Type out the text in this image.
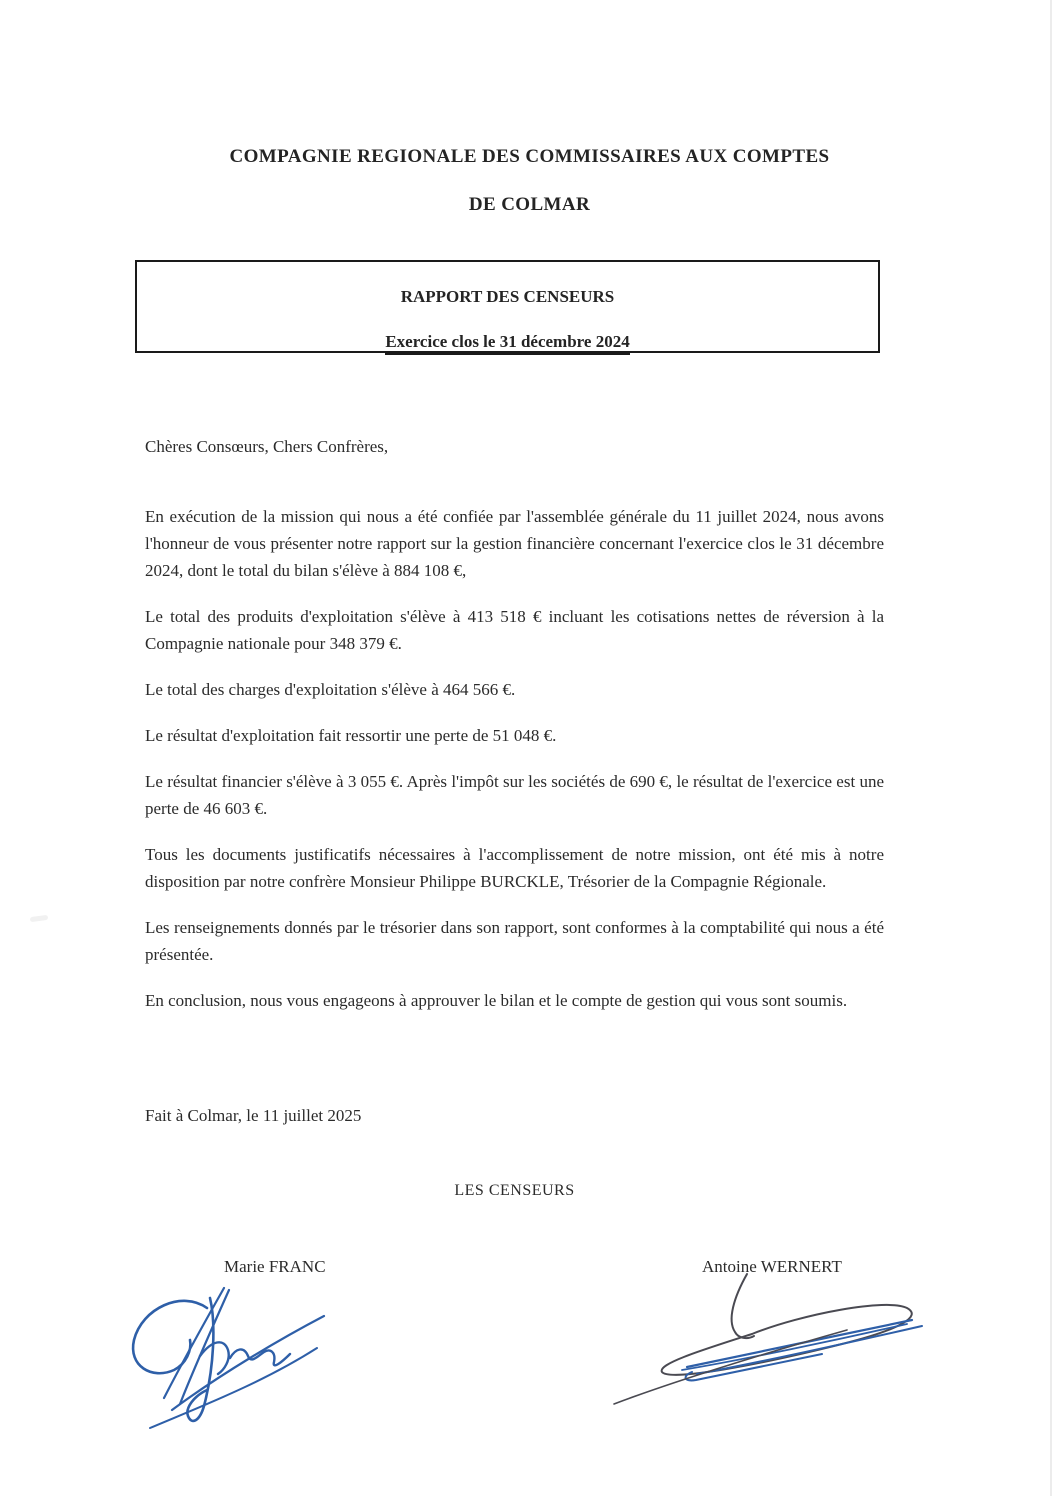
COMPAGNIE REGIONALE DES COMMISSAIRES AUX COMPTES
DE COLMAR
RAPPORT DES CENSEURS

Exercice clos le 31 décembre 2024
Chères Consœurs, Chers Confrères,

En exécution de la mission qui nous a été confiée par l'assemblée générale du 11 juillet 2024, nous avons l'honneur de vous présenter notre rapport sur la gestion financière concernant l'exercice clos le 31 décembre 2024, dont le total du bilan s'élève à 884 108 €,

Le total des produits d'exploitation s'élève à 413 518 € incluant les cotisations nettes de réversion à la Compagnie nationale pour 348 379 €.

Le total des charges d'exploitation s'élève à 464 566 €.

Le résultat d'exploitation fait ressortir une perte de 51 048 €.

Le résultat financier s'élève à 3 055 €. Après l'impôt sur les sociétés de 690 €, le résultat de l'exercice est une perte de 46 603 €.

Tous les documents justificatifs nécessaires à l'accomplissement de notre mission, ont été mis à notre disposition par notre confrère Monsieur Philippe BURCKLE, Trésorier de la Compagnie Régionale.

Les renseignements donnés par le trésorier dans son rapport, sont conformes à la comptabilité qui nous a été présentée.

En conclusion, nous vous engageons à approuver le bilan et le compte de gestion qui vous sont soumis.

Fait à Colmar, le 11 juillet 2025
LES CENSEURS
Marie FRANC	Antoine WERNERT
